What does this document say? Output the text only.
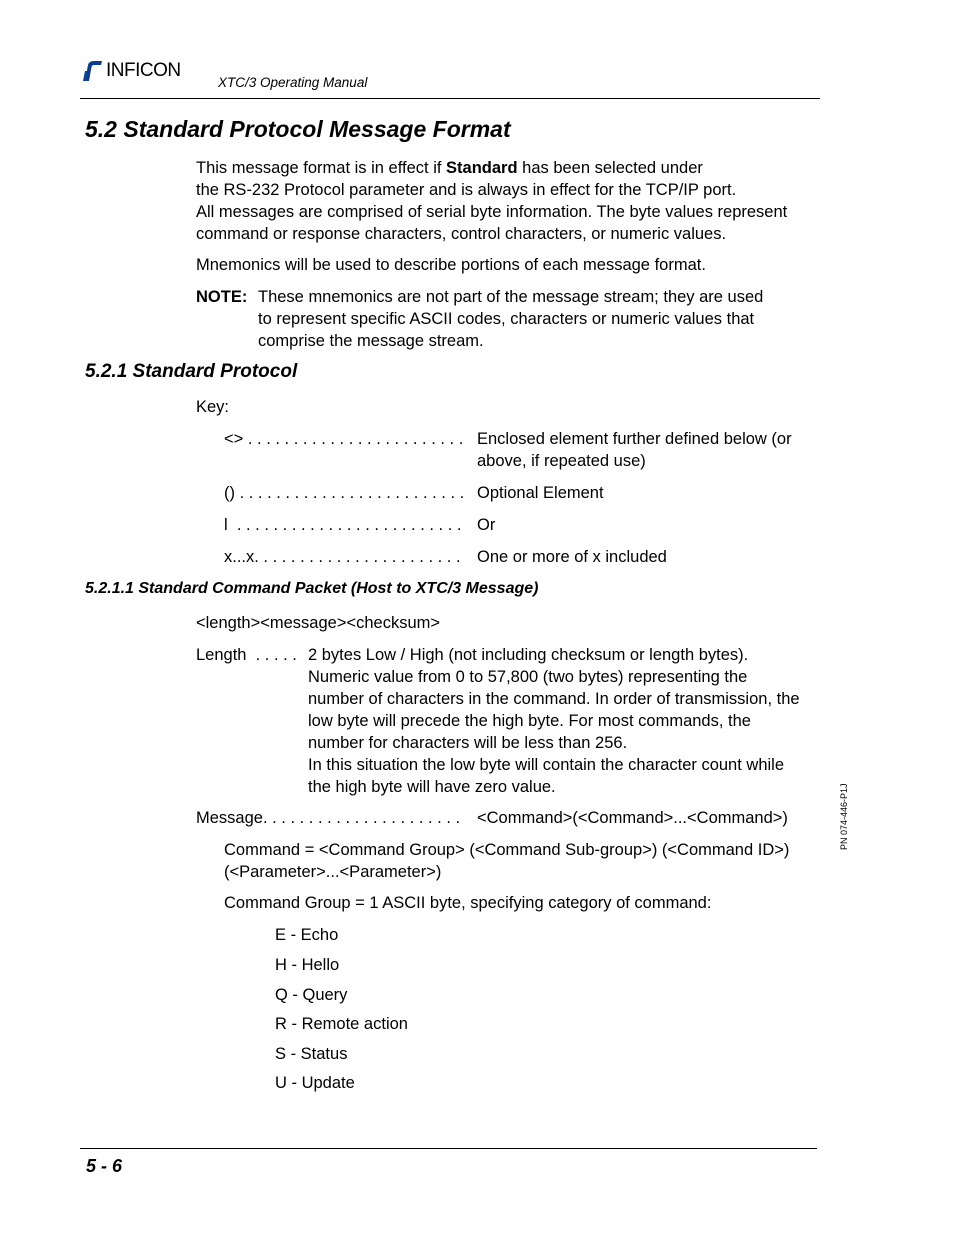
INFICON
XTC/3 Operating Manual
5.2 Standard Protocol Message Format
This message format is in effect if Standard has been selected under
the RS-232 Protocol parameter and is always in effect for the TCP/IP port.
All messages are comprised of serial byte information. The byte values represent
command or response characters, control characters, or numeric values.
Mnemonics will be used to describe portions of each message format.
NOTE: These mnemonics are not part of the message stream; they are used
to represent specific ASCII codes, characters or numeric values that
comprise the message stream.
5.2.1 Standard Protocol
Key:
<> . . . . . . . . . . . . . . . . . . . . . . . . Enclosed element further defined below (or
above, if repeated use)
() . . . . . . . . . . . . . . . . . . . . . . . . . Optional Element
l  . . . . . . . . . . . . . . . . . . . . . . . . . Or
x...x. . . . . . . . . . . . . . . . . . . . . . . One or more of x included
5.2.1.1 Standard Command Packet (Host to XTC/3 Message)
<length><message><checksum>
Length  . . . . . 2 bytes Low / High (not including checksum or length bytes).
Numeric value from 0 to 57,800 (two bytes) representing the
number of characters in the command. In order of transmission, the
low byte will precede the high byte. For most commands, the
number for characters will be less than 256.
In this situation the low byte will contain the character count while
the high byte will have zero value.
Message. . . . . . . . . . . . . . . . . . . . . . <Command>(<Command>...<Command>)
Command = <Command Group> (<Command Sub-group>) (<Command ID>)
(<Parameter>...<Parameter>)
Command Group = 1 ASCII byte, specifying category of command:
E - Echo
H - Hello
Q - Query
R - Remote action
S - Status
U - Update
PN 074-446-P1J
5 - 6
